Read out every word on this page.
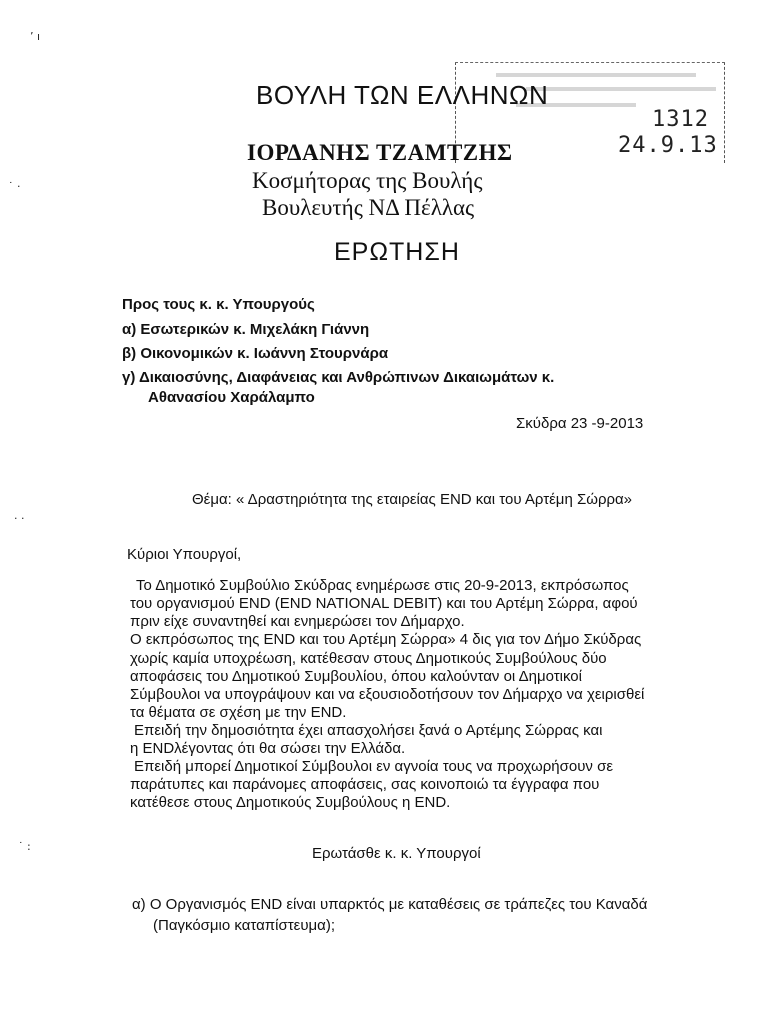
ʼ ı
˙ ‧
‧ ·
˙ :
1312
24.9.13
ΒΟΥΛΗ ΤΩΝ ΕΛΛΗΝΩΝ
ΙΟΡΔΑΝΗΣ ΤΖΑΜΤΖΗΣ
Κοσμήτορας της Βουλής
Βουλευτής ΝΔ Πέλλας
ΕΡΩΤΗΣΗ
Προς τους κ. κ. Υπουργούς
α) Εσωτερικών κ. Μιχελάκη Γιάννη
β) Οικονομικών κ. Ιωάννη Στουρνάρα
γ) Δικαιοσύνης, Διαφάνειας και Ανθρώπινων Δικαιωμάτων κ.
Αθανασίου Χαράλαμπο
Σκύδρα 23 -9-2013
Θέμα: « Δραστηριότητα της εταιρείας END και του Αρτέμη Σώρρα»
Κύριοι Υπουργοί,
Το Δημοτικό Συμβούλιο Σκύδρας ενημέρωσε στις 20-9-2013, εκπρόσωπος
του οργανισμού END (END NATIONAL DEBIT) και του Αρτέμη Σώρρα, αφού
πριν είχε συναντηθεί και ενημερώσει τον Δήμαρχο.
Ο εκπρόσωπος της END και του Αρτέμη Σώρρα» 4 δις για τον Δήμο Σκύδρας
χωρίς καμία υποχρέωση, κατέθεσαν στους Δημοτικούς Συμβούλους δύο
αποφάσεις του Δημοτικού Συμβουλίου, όπου καλούνταν οι Δημοτικοί
Σύμβουλοι να υπογράψουν και να εξουσιοδοτήσουν τον Δήμαρχο να χειρισθεί
τα θέματα σε σχέση με την END.
Επειδή την δημοσιότητα έχει απασχολήσει ξανά ο Αρτέμης Σώρρας και
η ENDλέγοντας ότι θα σώσει την Ελλάδα.
Επειδή μπορεί Δημοτικοί Σύμβουλοι εν αγνοία τους να προχωρήσουν σε
παράτυπες και παράνομες αποφάσεις, σας κοινοποιώ τα έγγραφα που
κατέθεσε στους Δημοτικούς Συμβούλους η END.
Ερωτάσθε κ. κ. Υπουργοί
α) Ο Οργανισμός END είναι υπαρκτός με καταθέσεις σε τράπεζες του Καναδά
(Παγκόσμιο καταπίστευμα);
